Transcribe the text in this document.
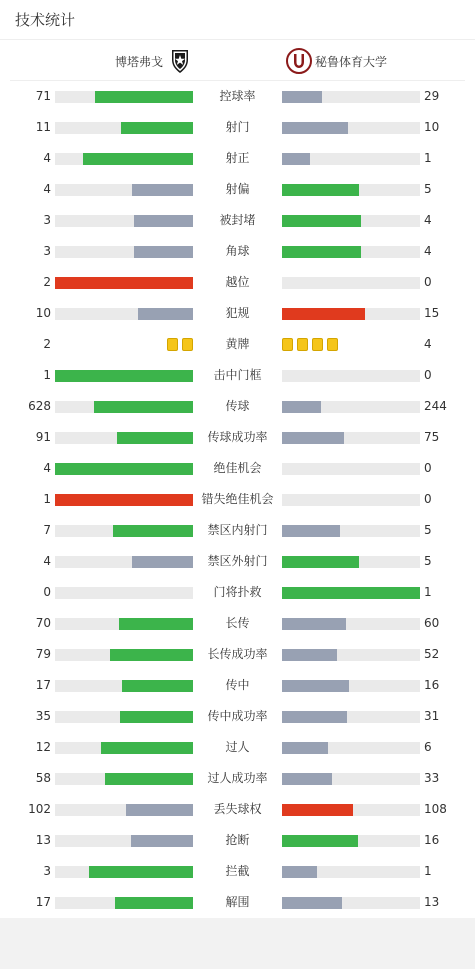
技术统计
博塔弗戈	秘鲁体育大学
71	控球率	29
11	射门	10
4	射正	1
4	射偏	5
3	被封堵	4
3	角球	4
2	越位	0
10	犯规	15
2	黄牌	4
1	击中门框	0
628	传球	244
91	传球成功率	75
4	绝佳机会	0
1	错失绝佳机会	0
7	禁区内射门	5
4	禁区外射门	5
0	门将扑救	1
70	长传	60
79	长传成功率	52
17	传中	16
35	传中成功率	31
12	过人	6
58	过人成功率	33
102	丢失球权	108
13	抢断	16
3	拦截	1
17	解围	13
